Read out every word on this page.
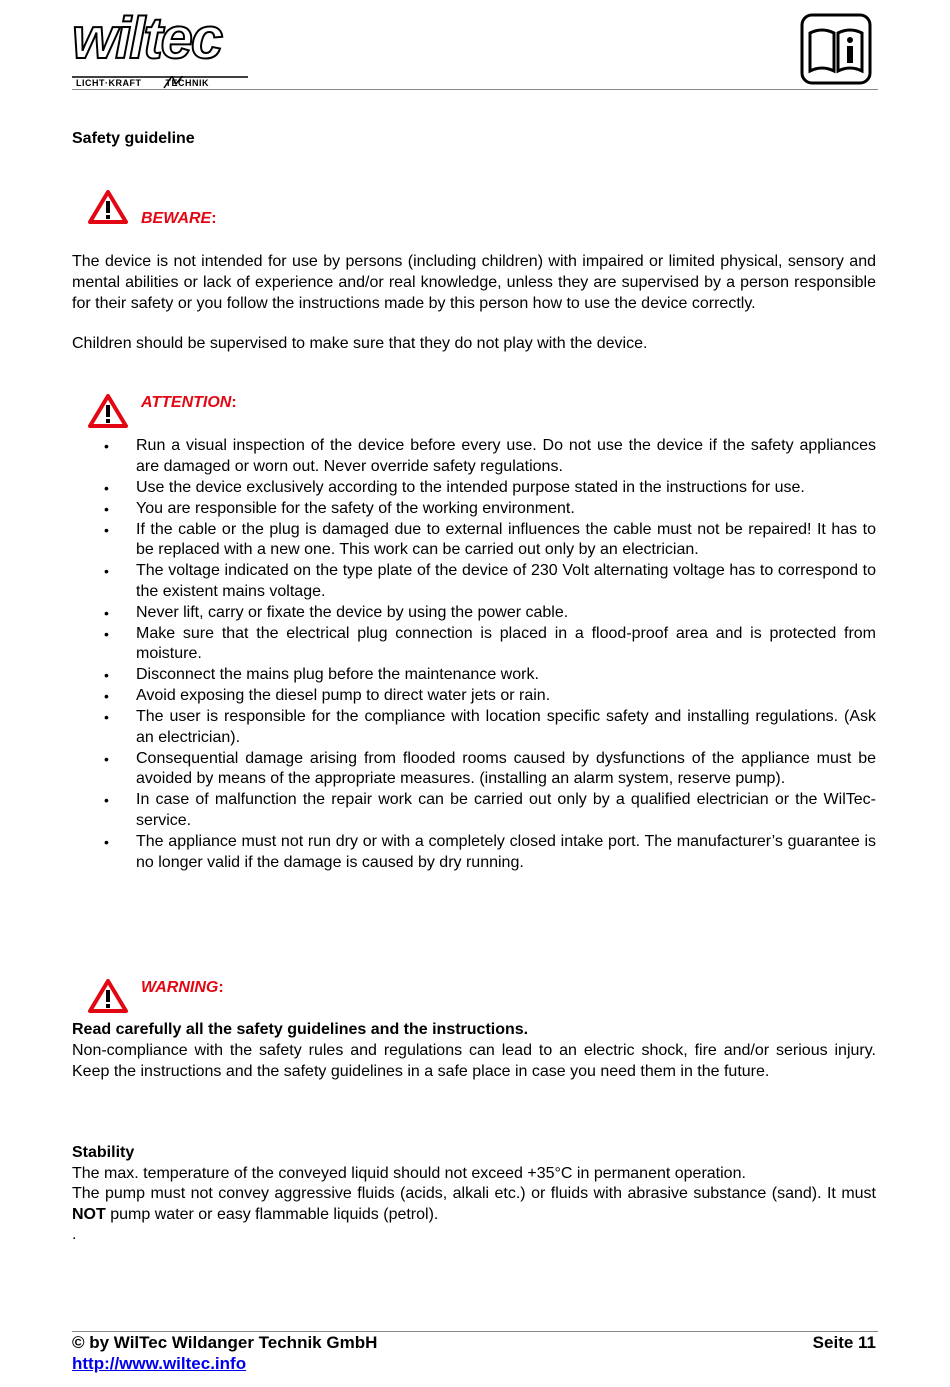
wiltec
LICHT·KRAFT	TECHNIK
Safety guideline
BEWARE:
The device is not intended for use by persons (including children) with impaired or limited physical, sensory and mental abilities or lack of experience and/or real knowledge, unless they are supervised by a person responsible for their safety or you follow the instructions made by this person how to use the device correctly.
Children should be supervised to make sure that they do not play with the device.
ATTENTION:
•
Run a visual inspection of the device before every use. Do not use the device if the safety appliances are damaged or worn out. Never override safety regulations.
•
Use the device exclusively according to the intended purpose stated in the instructions for use.
•
You are responsible for the safety of the working environment.
•
If the cable or the plug is damaged due to external influences the cable must not be repaired! It has to be replaced with a new one. This work can be carried out only by an electrician.
•
The voltage indicated on the type plate of the device of 230 Volt alternating voltage has to correspond to the existent mains voltage.
•
Never lift, carry or fixate the device by using the power cable.
•
Make sure that the electrical plug connection is placed in a flood-proof area and is protected from moisture.
•
Disconnect the mains plug before the maintenance work.
•
Avoid exposing the diesel pump to direct water jets or rain.
•
The user is responsible for the compliance with location specific safety and installing regulations. (Ask an electrician).
•
Consequential damage arising from flooded rooms caused by dysfunctions of the appliance must be avoided by means of the appropriate measures. (installing an alarm system, reserve pump).
•
In case of malfunction the repair work can be carried out only by a qualified electrician or the WilTec-service.
•
The appliance must not run dry or with a completely closed intake port. The manufacturer’s guarantee is no longer valid if the damage is caused by dry running.
WARNING:
Read carefully all the safety guidelines and the instructions.
Non-compliance with the safety rules and regulations can lead to an electric shock, fire and/or serious injury. Keep the instructions and the safety guidelines in a safe place in case you need them in the future.
Stability
The max. temperature of the conveyed liquid should not exceed +35°C in permanent operation.
The pump must not convey aggressive fluids (acids, alkali etc.) or fluids with abrasive substance (sand). It must NOT pump water or easy flammable liquids (petrol).
.
© by WilTec Wildanger Technik GmbH	Seite 11
http://www.wiltec.info
